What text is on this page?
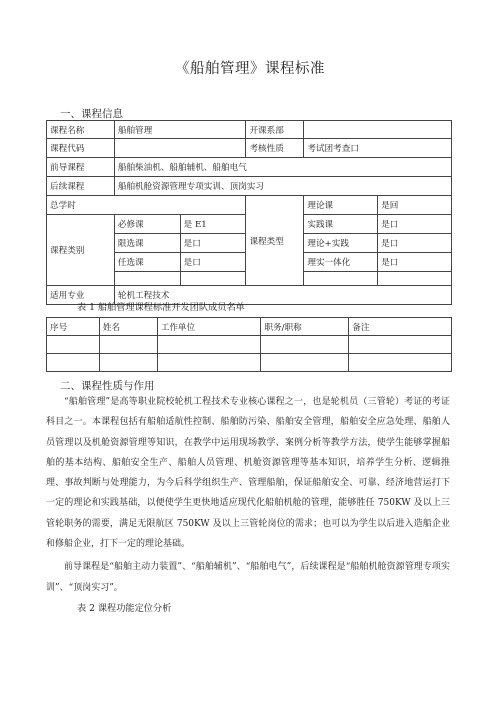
《船舶管理》课程标准
一、课程信息
课程名称	船舶管理		开课系部		
课程代码			考核性质	考试团考查口	
前导课程	船舶柴油机、船舶辅机、船舶电气				
后续课程	船舶机舱资源管理专项实训、顶岗实习				
总学时			课程类型	理论课	是回
课程类别	必修课	是 E1		实践课	是口
	限选课	是口		理论+实践	是口
	任选课	是口		理实一体化	是口

适用专业	轮机工程技术				
表 1 船舶管理课程标准开发团队成员名单
序号	姓名	工作单位	职务/职称	备注

二、课程性质与作用

“船舶管理”是高等职业院校轮机工程技术专业核心课程之一，也是轮机员（三管轮）考证的考证科目之一。本课程包括有船舶适航性控制、船舶防污染、船舶安全管理，船舶安全应急处理、船舶人员管理以及机舱资源管理等知识，在教学中运用现场教学、案例分析等教学方法，使学生能够掌握船舶的基本结构、船舶安全生产、船舶人员管理、机舱资源管理等基本知识，培养学生分析、逻辑推理、事故判断与处理能力，为今后科学组织生产、管理船舶，保证船舶安全、可靠、经济地营运打下一定的理论和实践基础，以便使学生更快地适应现代化船舶机舱的管理，能够胜任 750KW 及以上三管轮职务的需要，满足无限航区 750KW 及以上三管轮岗位的需求；也可以为学生以后进入造船企业和修船企业，打下一定的理论基础。

前导课程是“船舶主动力装置”、“船舶辅机”、“船舶电气”，后续课程是“船舶机舱资源管理专项实训”、“顶岗实习”。

表 2 课程功能定位分析
